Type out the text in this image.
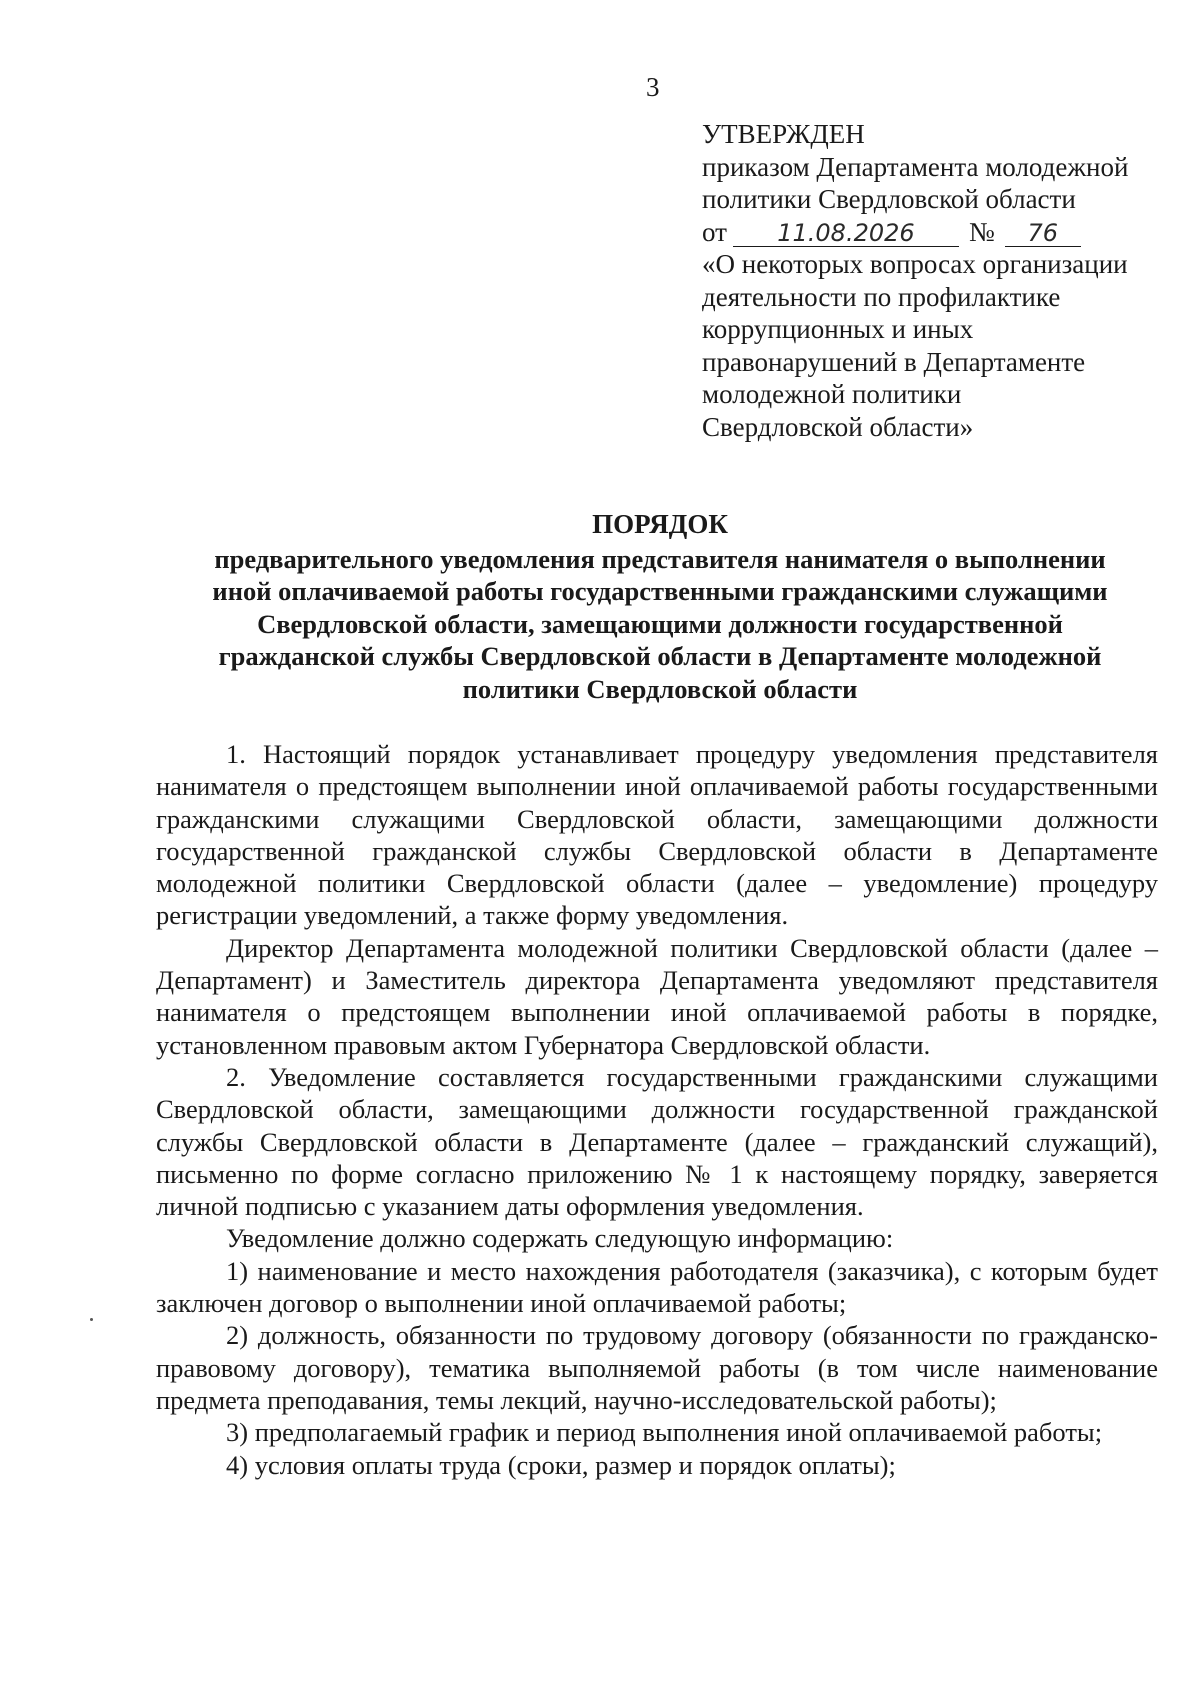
3
УТВЕРЖДЕН
приказом Департамента молодежной
политики Свердловской области
от 11.08.2026 № 76
«О некоторых вопросах организации
деятельности по профилактике
коррупционных и иных
правонарушений в Департаменте
молодежной политики
Свердловской области»
ПОРЯДОК
предварительного уведомления представителя нанимателя о выполнении
иной оплачиваемой работы государственными гражданскими служащими
Свердловской области, замещающими должности государственной
гражданской службы Свердловской области в Департаменте молодежной
политики Свердловской области

1. Настоящий порядок устанавливает процедуру уведомления представителя нанимателя о предстоящем выполнении иной оплачиваемой работы государственными гражданскими служащими Свердловской области, замещающими должности государственной гражданской службы Свердловской области в Департаменте молодежной политики Свердловской области (далее – уведомление) процедуру регистрации уведомлений, а также форму уведомления.

Директор Департамента молодежной политики Свердловской области (далее – Департамент) и Заместитель директора Департамента уведомляют представителя нанимателя о предстоящем выполнении иной оплачиваемой работы в порядке, установленном правовым актом Губернатора Свердловской области.

2. Уведомление составляется государственными гражданскими служащими Свердловской области, замещающими должности государственной гражданской службы Свердловской области в Департаменте (далее – гражданский служащий), письменно по форме согласно приложению № 1 к настоящему порядку, заверяется личной подписью с указанием даты оформления уведомления.

Уведомление должно содержать следующую информацию:

1) наименование и место нахождения работодателя (заказчика), с которым будет заключен договор о выполнении иной оплачиваемой работы;

2) должность, обязанности по трудовому договору (обязанности по гражданско-правовому договору), тематика выполняемой работы (в том числе наименование предмета преподавания, темы лекций, научно-исследовательской работы);

3) предполагаемый график и период выполнения иной оплачиваемой работы;

4) условия оплаты труда (сроки, размер и порядок оплаты);
